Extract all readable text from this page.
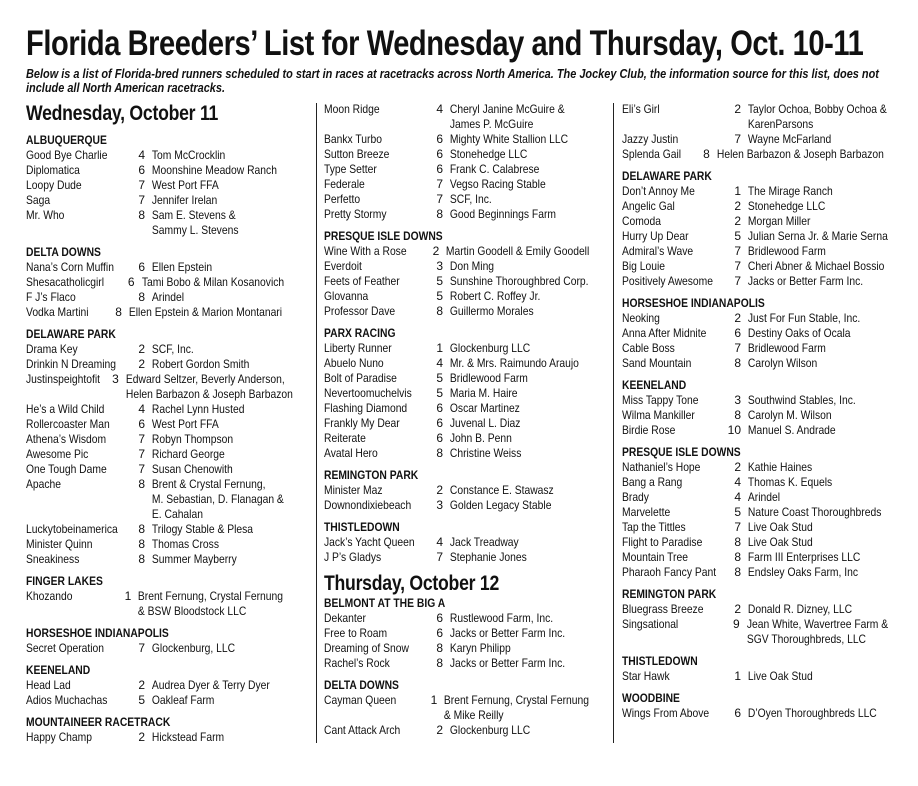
Florida Breeders’ List for Wednesday and Thursday, Oct. 10-11

Below is a list of Florida-bred runners scheduled to start in races at racetracks across North America. The Jockey Club, the information source for this list, does not include all North American racetracks.

Wednesday, October 11
ALBUQUERQUE
Good Bye Charlie	4 Tom McCrocklin
Diplomatica	6 Moonshine Meadow Ranch
Loopy Dude	7 West Port FFA
Saga	7 Jennifer Irelan
Mr. Who	8 Sam E. Stevens &
Sammy L. Stevens
DELTA DOWNS
Nana’s Corn Muffin	6 Ellen Epstein
Shesacatholicgirl	6 Tami Bobo & Milan Kosanovich
F J’s Flaco	8 Arindel
Vodka Martini	8 Ellen Epstein & Marion Montanari
DELAWARE PARK
Drama Key	2 SCF, Inc.
Drinkin N Dreaming	2 Robert Gordon Smith
Justinspeightofit 3 Edward Seltzer, Beverly Anderson,
Helen Barbazon & Joseph Barbazon
He’s a Wild Child	4 Rachel Lynn Husted
Rollercoaster Man	6 West Port FFA
Athena’s Wisdom	7 Robyn Thompson
Awesome Pic	7 Richard George
One Tough Dame	7 Susan Chenowith
Apache	8 Brent & Crystal Fernung,
M. Sebastian, D. Flanagan &
E. Cahalan
Luckytobeinamerica	8 Trilogy Stable & Plesa
Minister Quinn	8 Thomas Cross
Sneakiness	8 Summer Mayberry
FINGER LAKES
Khozando	1 Brent Fernung, Crystal Fernung
& BSW Bloodstock LLC
HORSESHOE INDIANAPOLIS
Secret Operation	7 Glockenburg, LLC
KEENELAND
Head Lad	2 Audrea Dyer & Terry Dyer
Adios Muchachas	5 Oakleaf Farm
MOUNTAINEER RACETRACK
Happy Champ	2 Hickstead Farm
Moon Ridge	4 Cheryl Janine McGuire &
James P. McGuire
Bankx Turbo	6 Mighty White Stallion LLC
Sutton Breeze	6 Stonehedge LLC
Type Setter	6 Frank C. Calabrese
Federale	7 Vegso Racing Stable
Perfetto	7 SCF, Inc.
Pretty Stormy	8 Good Beginnings Farm
PRESQUE ISLE DOWNS
Wine With a Rose	2 Martin Goodell & Emily Goodell
Everdoit	3 Don Ming
Feets of Feather	5 Sunshine Thoroughbred Corp.
Glovanna	5 Robert C. Roffey Jr.
Professor Dave	8 Guillermo Morales
PARX RACING
Liberty Runner	1 Glockenburg LLC
Abuelo Nuno	4 Mr. & Mrs. Raimundo Araujo
Bolt of Paradise	5 Bridlewood Farm
Nevertoomuchelvis	5 Maria M. Haire
Flashing Diamond	6 Oscar Martinez
Frankly My Dear	6 Juvenal L. Diaz
Reiterate	6 John B. Penn
Avatal Hero	8 Christine Weiss
REMINGTON PARK
Minister Maz	2 Constance E. Stawasz
Downondixiebeach	3 Golden Legacy Stable
THISTLEDOWN
Jack’s Yacht Queen	4 Jack Treadway
J P’s Gladys	7 Stephanie Jones
Thursday, October 12
BELMONT AT THE BIG A
Dekanter	6 Rustlewood Farm, Inc.
Free to Roam	6 Jacks or Better Farm Inc.
Dreaming of Snow	8 Karyn Philipp
Rachel’s Rock	8 Jacks or Better Farm Inc.
DELTA DOWNS
Cayman Queen	1 Brent Fernung, Crystal Fernung
& Mike Reilly
Cant Attack Arch	2 Glockenburg LLC
Eli’s Girl	2 Taylor Ochoa, Bobby Ochoa &
KarenParsons
Jazzy Justin	7 Wayne McFarland
Splenda Gail	8 Helen Barbazon & Joseph Barbazon
DELAWARE PARK
Don’t Annoy Me	1 The Mirage Ranch
Angelic Gal	2 Stonehedge LLC
Comoda	2 Morgan Miller
Hurry Up Dear	5 Julian Serna Jr. & Marie Serna
Admiral’s Wave	7 Bridlewood Farm
Big Louie	7 Cheri Abner & Michael Bossio
Positively Awesome	7 Jacks or Better Farm Inc.
HORSESHOE INDIANAPOLIS
Neoking	2 Just For Fun Stable, Inc.
Anna After Midnite	6 Destiny Oaks of Ocala
Cable Boss	7 Bridlewood Farm
Sand Mountain	8 Carolyn Wilson
KEENELAND
Miss Tappy Tone	3 Southwind Stables, Inc.
Wilma Mankiller	8 Carolyn M. Wilson
Birdie Rose	10 Manuel S. Andrade
PRESQUE ISLE DOWNS
Nathaniel’s Hope	2 Kathie Haines
Bang a Rang	4 Thomas K. Equels
Brady	4 Arindel
Marvelette	5 Nature Coast Thoroughbreds
Tap the Tittles	7 Live Oak Stud
Flight to Paradise	8 Live Oak Stud
Mountain Tree	8 Farm III Enterprises LLC
Pharaoh Fancy Pant	8 Endsley Oaks Farm, Inc
REMINGTON PARK
Bluegrass Breeze	2 Donald R. Dizney, LLC
Singsational	9 Jean White, Wavertree Farm &
SGV Thoroughbreds, LLC
THISTLEDOWN
Star Hawk	1 Live Oak Stud
WOODBINE
Wings From Above	6 D’Oyen Thoroughbreds LLC
